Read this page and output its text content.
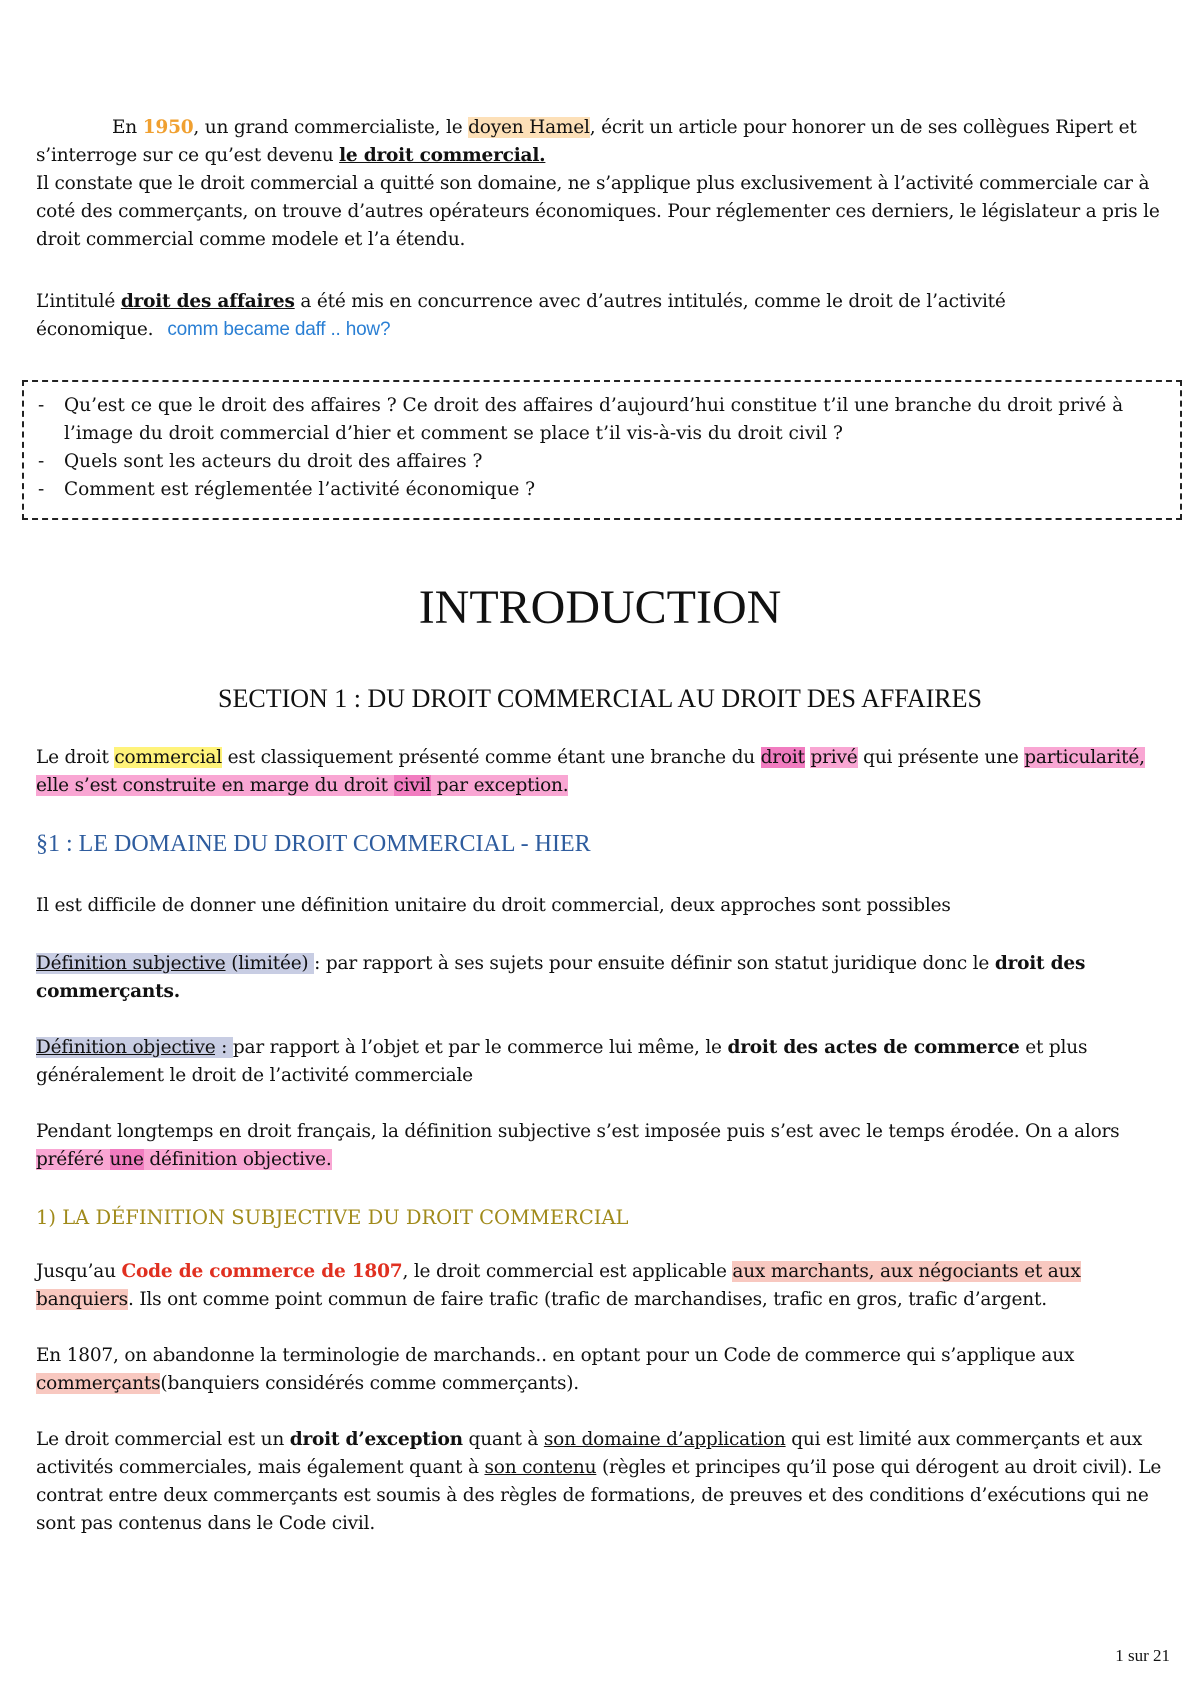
En 1950, un grand commercialiste, le doyen Hamel, écrit un article pour honorer un de ses collègues Ripert et s’interroge sur ce qu’est devenu le droit commercial.
Il constate que le droit commercial a quitté son domaine, ne s’applique plus exclusivement à l’activité commerciale car à coté des commerçants, on trouve d’autres opérateurs économiques. Pour réglementer ces derniers, le législateur a pris le droit commercial comme modele et l’a étendu.
L’intitulé droit des affaires a été mis en concurrence avec d’autres intitulés, comme le droit de l’activité économique. comm became daff .. how?
- Qu’est ce que le droit des affaires ? Ce droit des affaires d’aujourd’hui constitue t’il une branche du droit privé à l’image du droit commercial d’hier et comment se place t’il vis-à-vis du droit civil ?
- Quels sont les acteurs du droit des affaires ?
- Comment est réglementée l’activité économique ?
INTRODUCTION
SECTION 1 : DU DROIT COMMERCIAL AU DROIT DES AFFAIRES
Le droit commercial est classiquement présenté comme étant une branche du droit privé qui présente une particularité, elle s’est construite en marge du droit civil par exception.
§1 : LE DOMAINE DU DROIT COMMERCIAL - HIER
Il est difficile de donner une définition unitaire du droit commercial, deux approches sont possibles
Définition subjective (limitée) : par rapport à ses sujets pour ensuite définir son statut juridique donc le droit des commerçants.
Définition objective : par rapport à l’objet et par le commerce lui même, le droit des actes de commerce et plus généralement le droit de l’activité commerciale
Pendant longtemps en droit français, la définition subjective s’est imposée puis s’est avec le temps érodée. On a alors préféré une définition objective.
1) LA DÉFINITION SUBJECTIVE DU DROIT COMMERCIAL
Jusqu’au Code de commerce de 1807, le droit commercial est applicable aux marchants, aux négociants et aux banquiers. Ils ont comme point commun de faire trafic (trafic de marchandises, trafic en gros, trafic d’argent.
En 1807, on abandonne la terminologie de marchands.. en optant pour un Code de commerce qui s’applique aux commerçants(banquiers considérés comme commerçants).
Le droit commercial est un droit d’exception quant à son domaine d’application qui est limité aux commerçants et aux activités commerciales, mais également quant à son contenu (règles et principes qu’il pose qui dérogent au droit civil). Le contrat entre deux commerçants est soumis à des règles de formations, de preuves et des conditions d’exécutions qui ne sont pas contenus dans le Code civil.
1 sur 21
